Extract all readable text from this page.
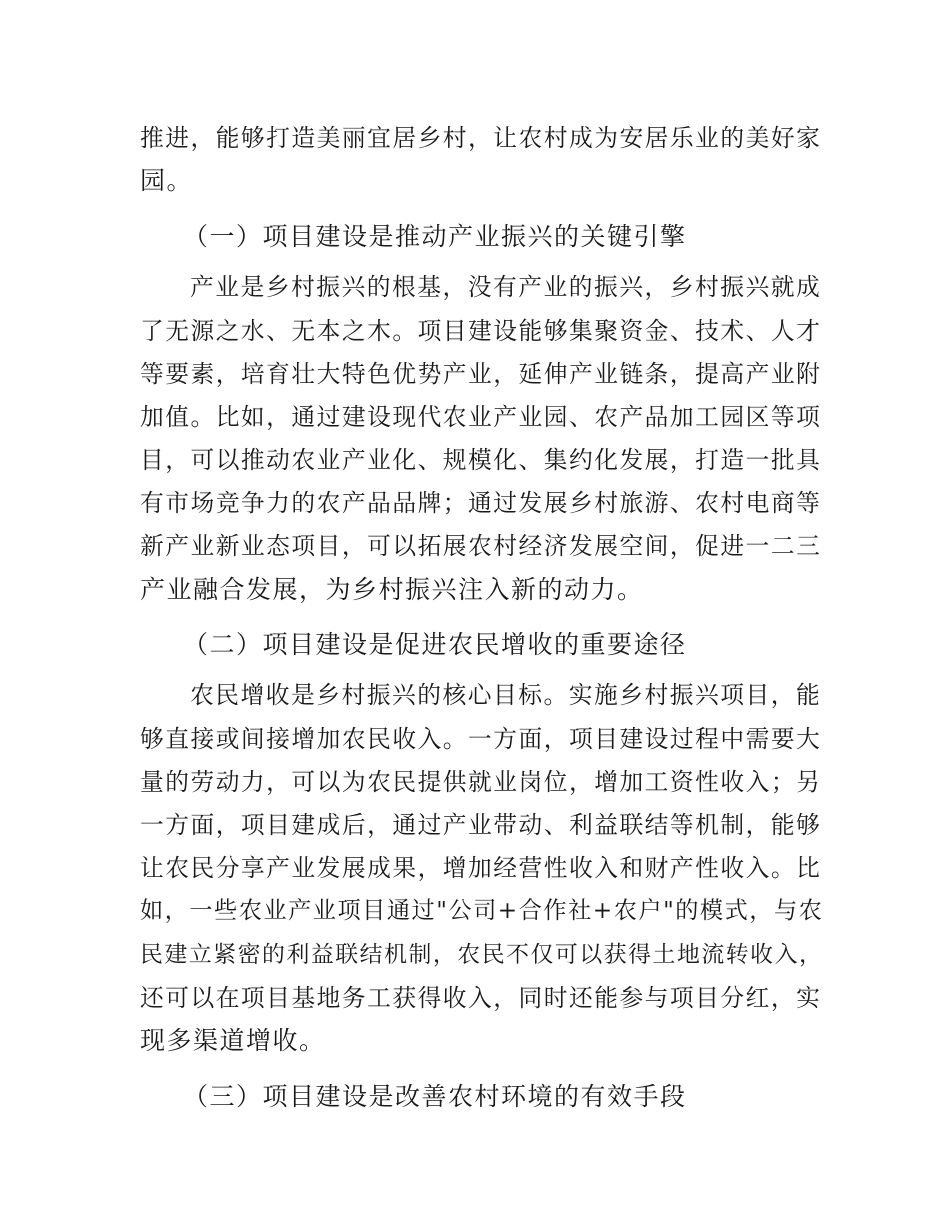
推进，能够打造美丽宜居乡村，让农村成为安居乐业的美好家
园。
（一）项目建设是推动产业振兴的关键引擎
产业是乡村振兴的根基，没有产业的振兴，乡村振兴就成
了无源之水、无本之木。项目建设能够集聚资金、技术、人才
等要素，培育壮大特色优势产业，延伸产业链条，提高产业附
加值。比如，通过建设现代农业产业园、农产品加工园区等项
目，可以推动农业产业化、规模化、集约化发展，打造一批具
有市场竞争力的农产品品牌；通过发展乡村旅游、农村电商等
新产业新业态项目，可以拓展农村经济发展空间，促进一二三
产业融合发展，为乡村振兴注入新的动力。
（二）项目建设是促进农民增收的重要途径
农民增收是乡村振兴的核心目标。实施乡村振兴项目，能
够直接或间接增加农民收入。一方面，项目建设过程中需要大
量的劳动力，可以为农民提供就业岗位，增加工资性收入；另
一方面，项目建成后，通过产业带动、利益联结等机制，能够
让农民分享产业发展成果，增加经营性收入和财产性收入。比
如，一些农业产业项目通过"公司+合作社+农户"的模式，与农
民建立紧密的利益联结机制，农民不仅可以获得土地流转收入，
还可以在项目基地务工获得收入，同时还能参与项目分红，实
现多渠道增收。
（三）项目建设是改善农村环境的有效手段
